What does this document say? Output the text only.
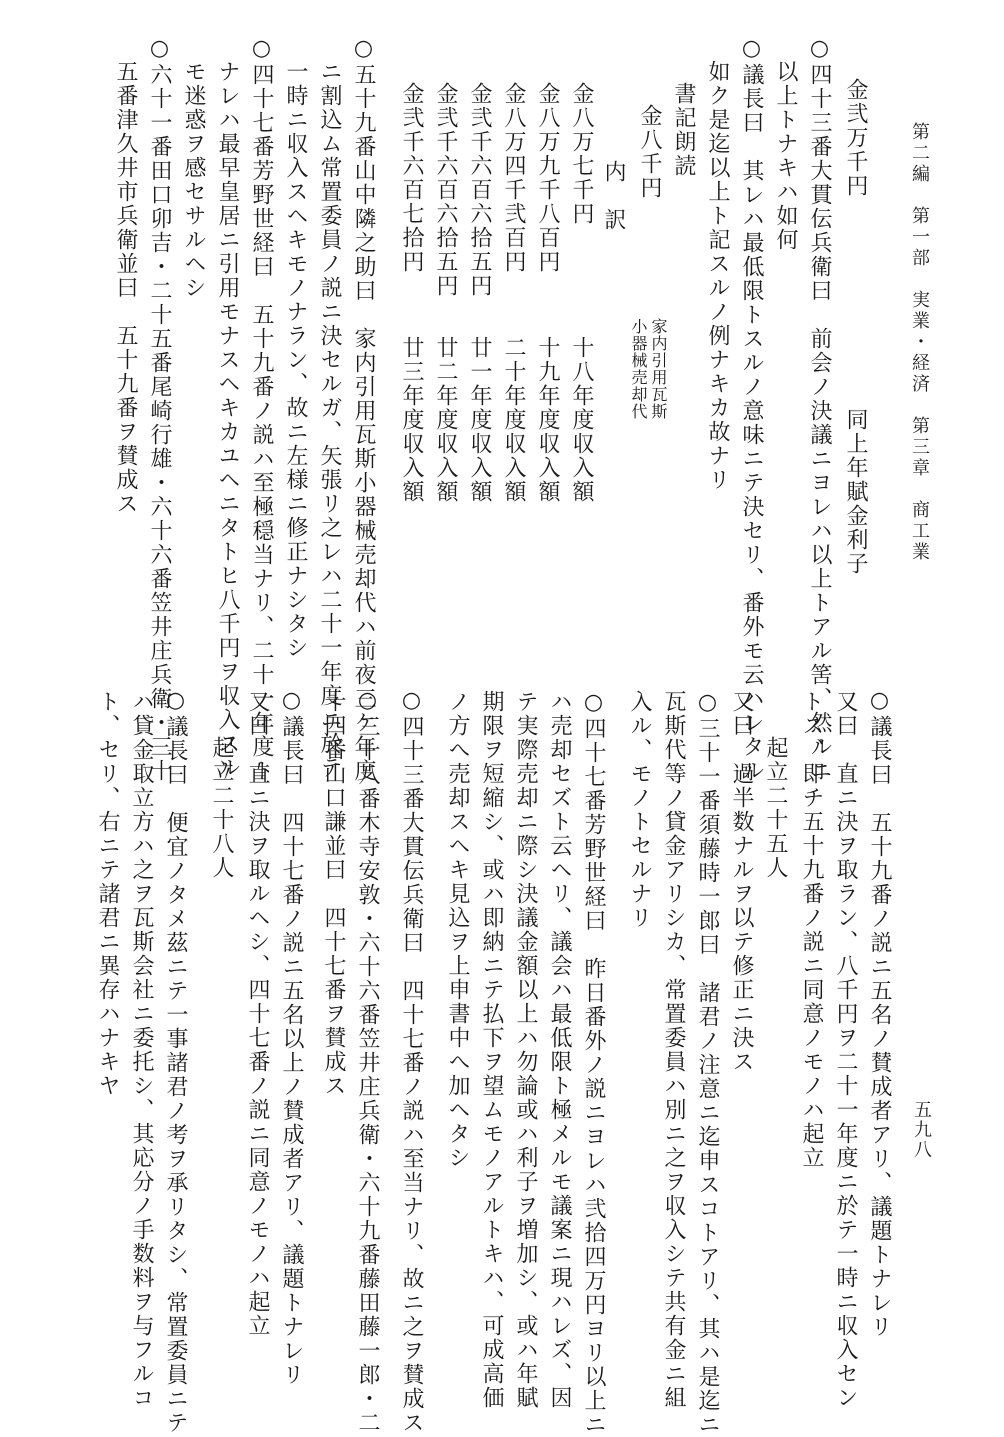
第二編　第一部　実業・経済　第三章　商工業
五九八
金弐万千円
同上年賦金利子
○四十三番大貫伝兵衛曰　前会ノ決議ニヨレハ以上トアル筈、然ルニ
以上トナキハ如何
○議長曰　其レハ最低限トスルノ意味ニテ決セリ、番外モ云ハレタル
如ク是迄以上ト記スルノ例ナキカ故ナリ
書記朗読
金八千円
家内引用瓦斯
小器械売却代
内　訳
金八万七千円
十八年度収入額
金八万九千八百円
十九年度収入額
金八万四千弐百円
二十年度収入額
金弐千六百六拾五円
廿一年度収入額
金弐千六百六拾五円
廿二年度収入額
金弐千六百七拾円
廿三年度収入額
○五十九番山中隣之助曰　家内引用瓦斯小器械売却代ハ前夜三ケ年度
ニ割込ム常置委員ノ説ニ決セルガ、矢張リ之レハ二十一年度ニ於テ
一時ニ収入スヘキモノナラン、故ニ左様ニ修正ナシタシ
○四十七番芳野世経曰　五十九番ノ説ハ至極穏当ナリ、二十一年度ト
ナレハ最早皇居ニ引用モナスヘキカユヘニタトヒ八千円ヲ収入スル
モ迷惑ヲ感セサルヘシ
○六十一番田口卯吉・二十五番尾崎行雄・六十六番笠井庄兵衛・三十
五番津久井市兵衛並曰　五十九番ヲ賛成ス
○議長曰　五十九番ノ説ニ五名ノ賛成者アリ、議題トナレリ
又曰　直ニ決ヲ取ラン、八千円ヲ二十一年度ニ於テ一時ニ収入セン
トス、即チ五十九番ノ説ニ同意ノモノハ起立
起立二十五人
又曰　過半数ナルヲ以テ修正ニ決ス
○三十一番須藤時一郎曰　諸君ノ注意ニ迄申スコトアリ、其ハ是迄ニ
瓦斯代等ノ貸金アリシカ、常置委員ハ別ニ之ヲ収入シテ共有金ニ組
入ル、モノトセルナリ
○四十七番芳野世経曰　昨日番外ノ説ニヨレハ弐拾四万円ヨリ以上ニ
ハ売却セズト云ヘリ、議会ハ最低限ト極メルモ議案ニ現ハレズ、因
テ実際売却ニ際シ決議金額以上ハ勿論或ハ利子ヲ増加シ、或ハ年賦
期限ヲ短縮シ、或ハ即納ニテ払下ヲ望ムモノアルトキハ、可成高価
ノ方へ売却スヘキ見込ヲ上申書中へ加ヘタシ
○四十三番大貫伝兵衛曰　四十七番ノ説ハ至当ナリ、故ニ之ヲ賛成ス
○三十八番木寺安敦・六十六番笠井庄兵衛・六十九番藤田藤一郎・二
十四番山口謙並曰　四十七番ヲ賛成ス
○議長曰　四十七番ノ説ニ五名以上ノ賛成者アリ、議題トナレリ
又曰　直ニ決ヲ取ルヘシ、四十七番ノ説ニ同意ノモノハ起立
起立二十八人
○議長曰　便宜ノタメ茲ニテ一事諸君ノ考ヲ承リタシ、常置委員ニテ
ハ貸金取立方ハ之ヲ瓦斯会社ニ委托シ、其応分ノ手数料ヲ与フルコ
ト、セリ、右ニテ諸君ニ異存ハナキヤ
